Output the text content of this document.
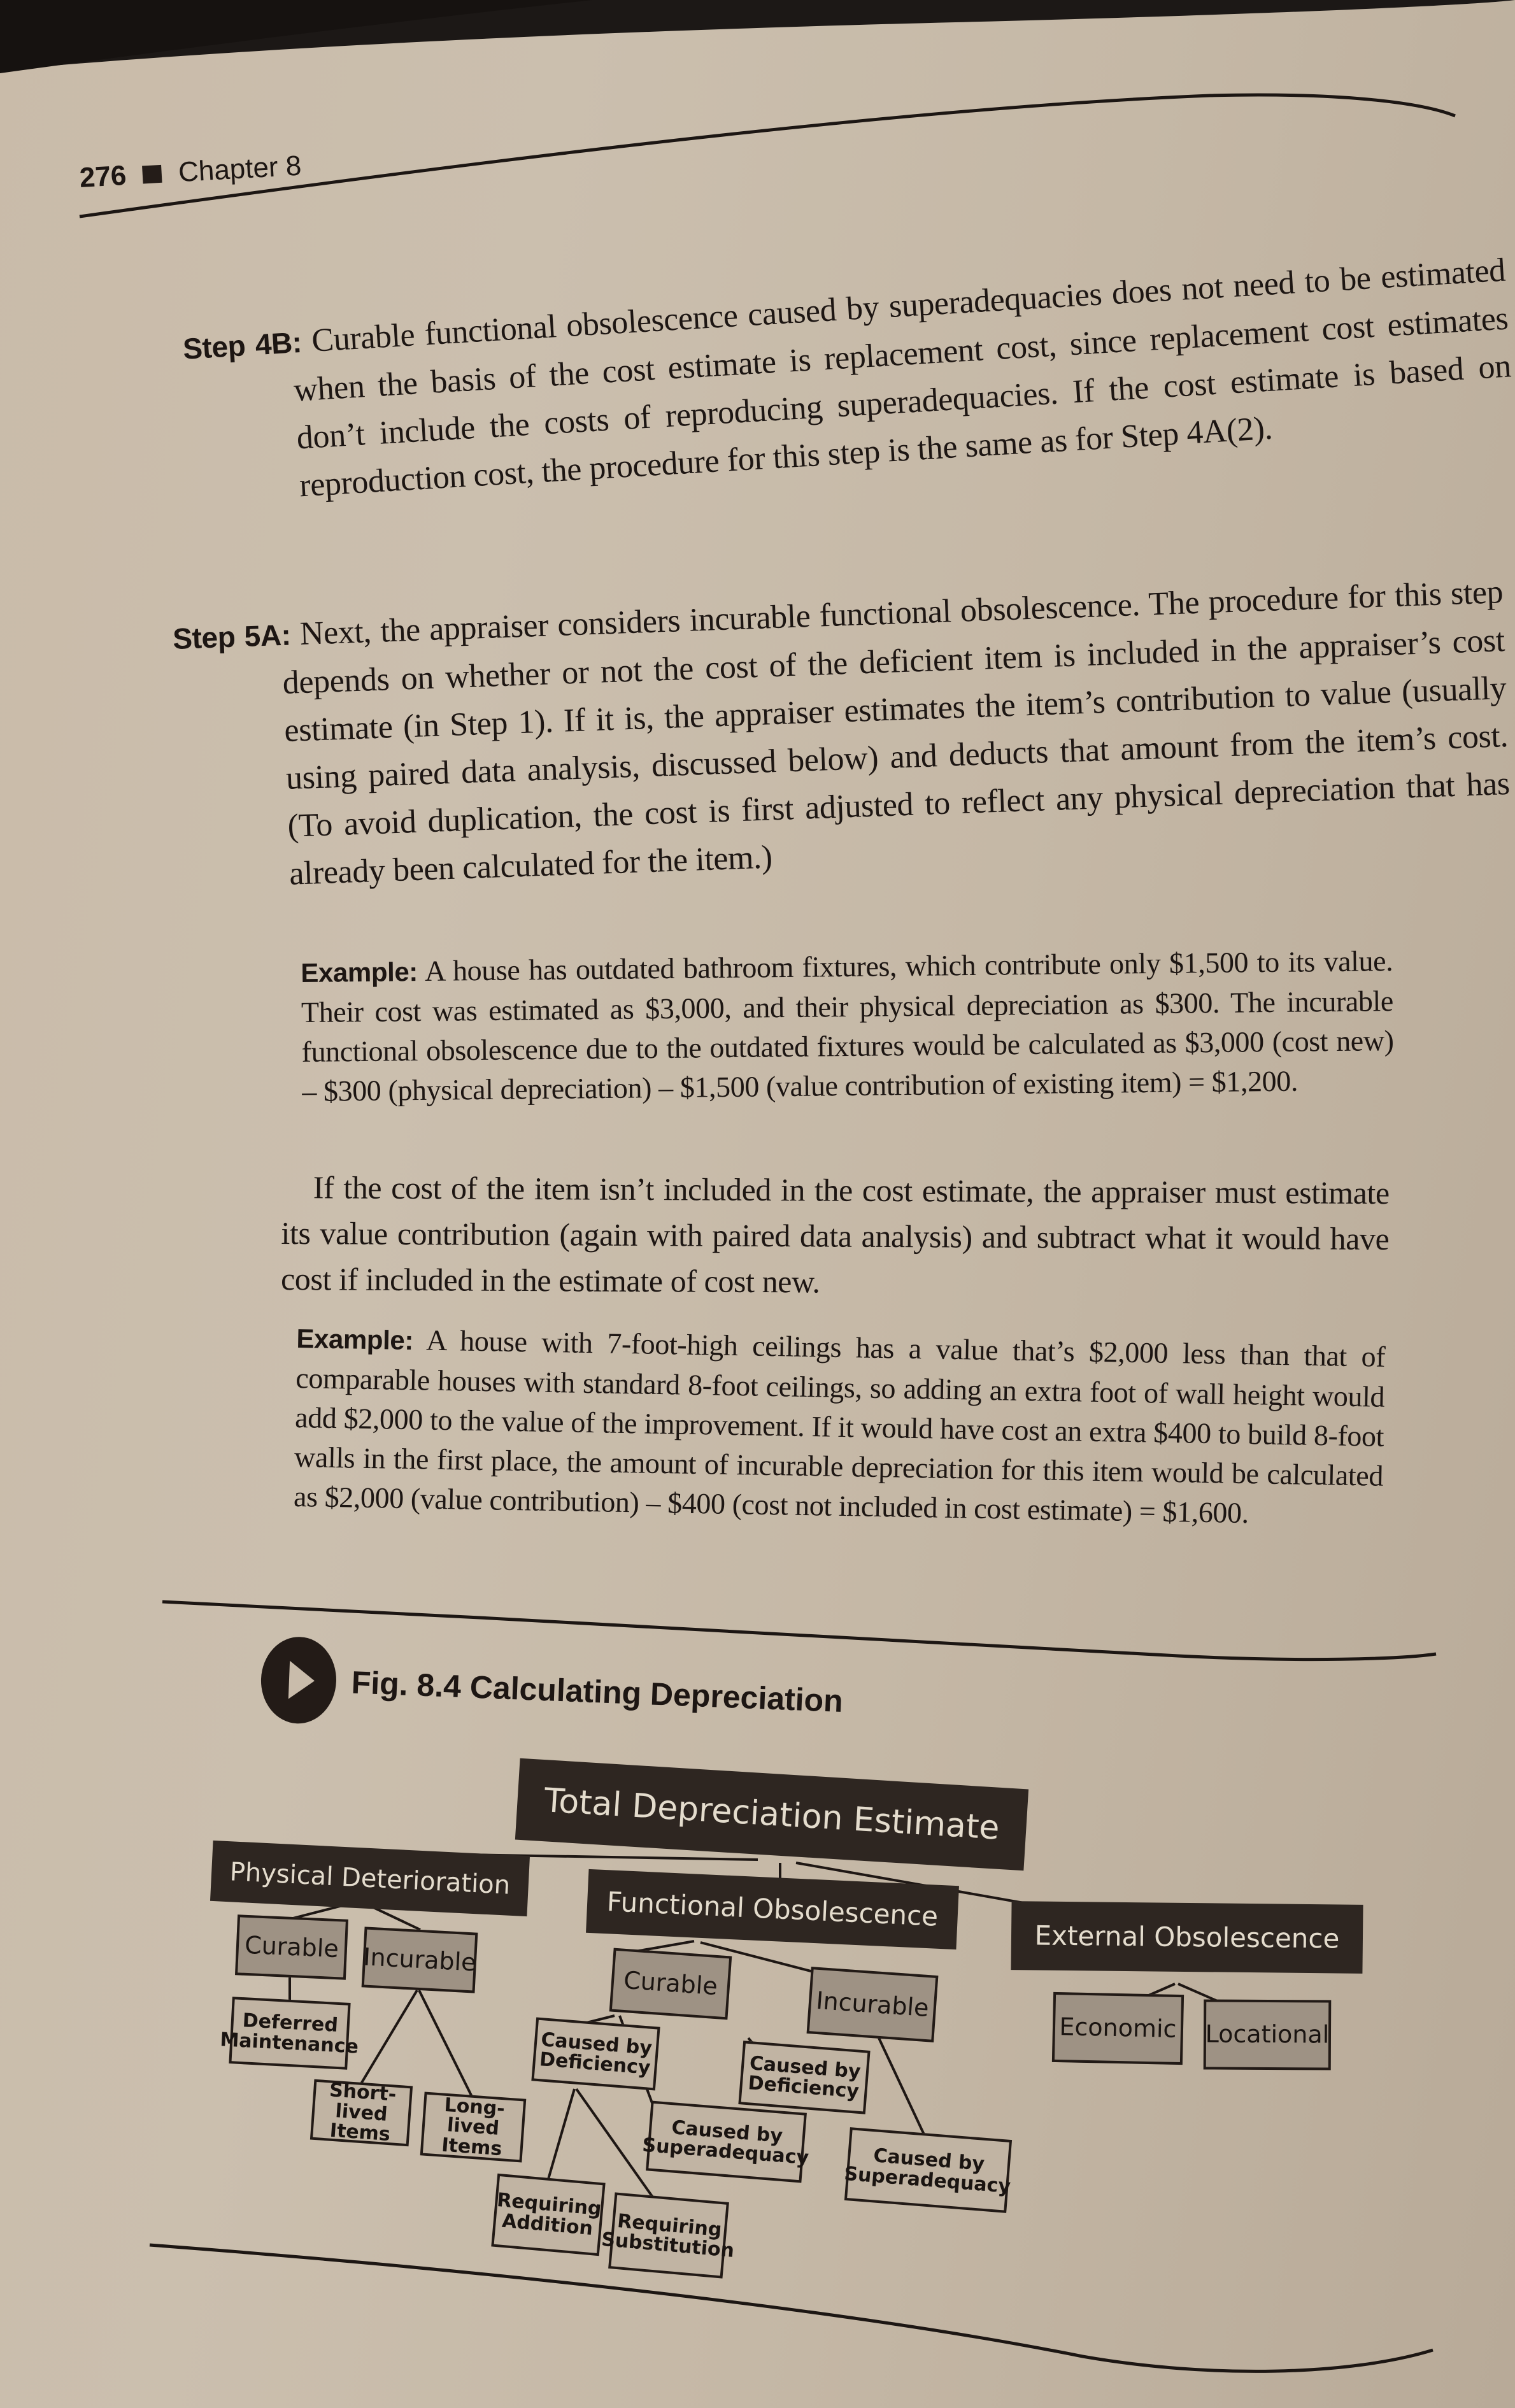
276 Chapter 8
Step 4B: Curable functional obsolescence caused by superadequacies does not need to be estimated when the basis of the cost estimate is replacement cost, since replacement cost estimates don’t include the costs of reproducing superadequacies. If the cost estimate is based on reproduction cost, the procedure for this step is the same as for Step 4A(2).
Step 5A: Next, the appraiser considers incurable functional obsolescence. The procedure for this step depends on whether or not the cost of the deficient item is included in the appraiser’s cost estimate (in Step 1). If it is, the appraiser estimates the item’s contribution to value (usually using paired data analysis, discussed below) and deducts that amount from the item’s cost. (To avoid duplication, the cost is first adjusted to reflect any physical depreciation that has already been calculated for the item.)
Example: A house has outdated bathroom fixtures, which contribute only $1,500 to its value. Their cost was estimated as $3,000, and their physical depreciation as $300. The incurable functional obsolescence due to the outdated fixtures would be calculated as $3,000 (cost new) – $300 (physical depreciation) – $1,500 (value contribution of existing item) = $1,200.
If the cost of the item isn’t included in the cost estimate, the appraiser must estimate its value contribution (again with paired data analysis) and subtract what it would have cost if included in the estimate of cost new.
Example: A house with 7-foot-high ceilings has a value that’s $2,000 less than that of comparable houses with standard 8-foot ceilings, so adding an extra foot of wall height would add $2,000 to the value of the improvement. If it would have cost an extra $400 to build 8-foot walls in the first place, the amount of incurable depreciation for this item would be calculated as $2,000 (value contribution) – $400 (cost not included in cost estimate) = $1,600.
Fig. 8.4 Calculating Depreciation
Total Depreciation Estimate
Physical Deterioration
Functional Obsolescence
External Obsolescence
Curable Incurable
Deferred Maintenance
Short-lived Items
Long-lived Items
Curable
Incurable
Caused by Deficiency	Caused by Deficiency
Caused by Superadequacy	Caused by Superadequacy
Requiring Addition	Requiring Substitution
Economic Locational
